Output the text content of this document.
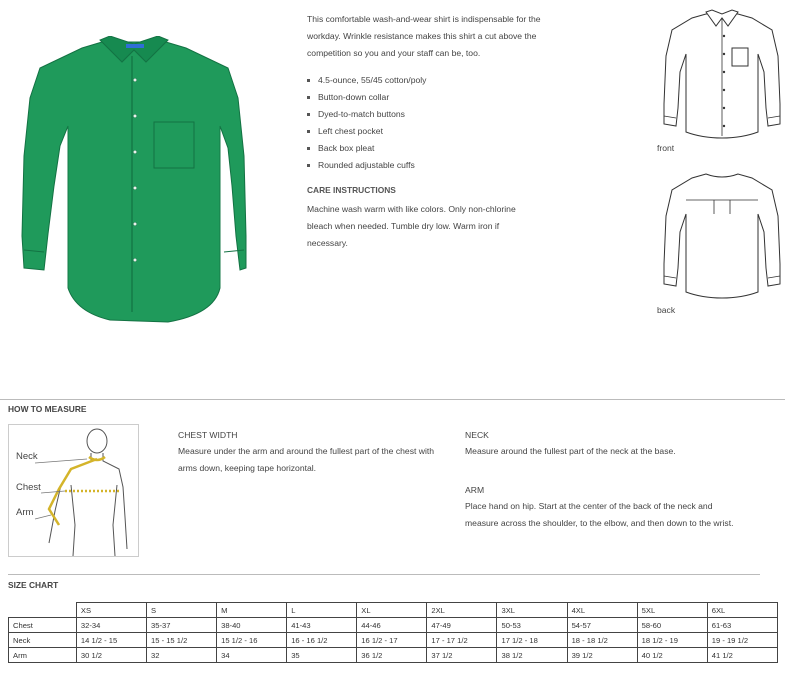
This comfortable wash-and-wear shirt is indispensable for the workday. Wrinkle resistance makes this shirt a cut above the competition so you and your staff can be, too.
4.5-ounce, 55/45 cotton/poly
Button-down collar
Dyed-to-match buttons
Left chest pocket
Back box pleat
Rounded adjustable cuffs
CARE INSTRUCTIONS
Machine wash warm with like colors. Only non-chlorine bleach when needed. Tumble dry low. Warm iron if necessary.
front
back
HOW TO MEASURE
Neck
Chest
Arm
CHEST WIDTH
Measure under the arm and around the fullest part of the chest with arms down, keeping tape horizontal.
NECK
Measure around the fullest part of the neck at the base.
ARM
Place hand on hip. Start at the center of the back of the neck and measure across the shoulder, to the elbow, and then down to the wrist.
SIZE CHART
	XS	S	M	L	XL	2XL	3XL	4XL	5XL	6XL
Chest	32-34	35-37	38-40	41-43	44-46	47-49	50-53	54-57	58-60	61-63
Neck	14 1/2 - 15	15 - 15 1/2	15 1/2 - 16	16 - 16 1/2	16 1/2 - 17	17 - 17 1/2	17 1/2 - 18	18 - 18 1/2	18 1/2 - 19	19 - 19 1/2
Arm	30 1/2	32	34	35	36 1/2	37 1/2	38 1/2	39 1/2	40 1/2	41 1/2
